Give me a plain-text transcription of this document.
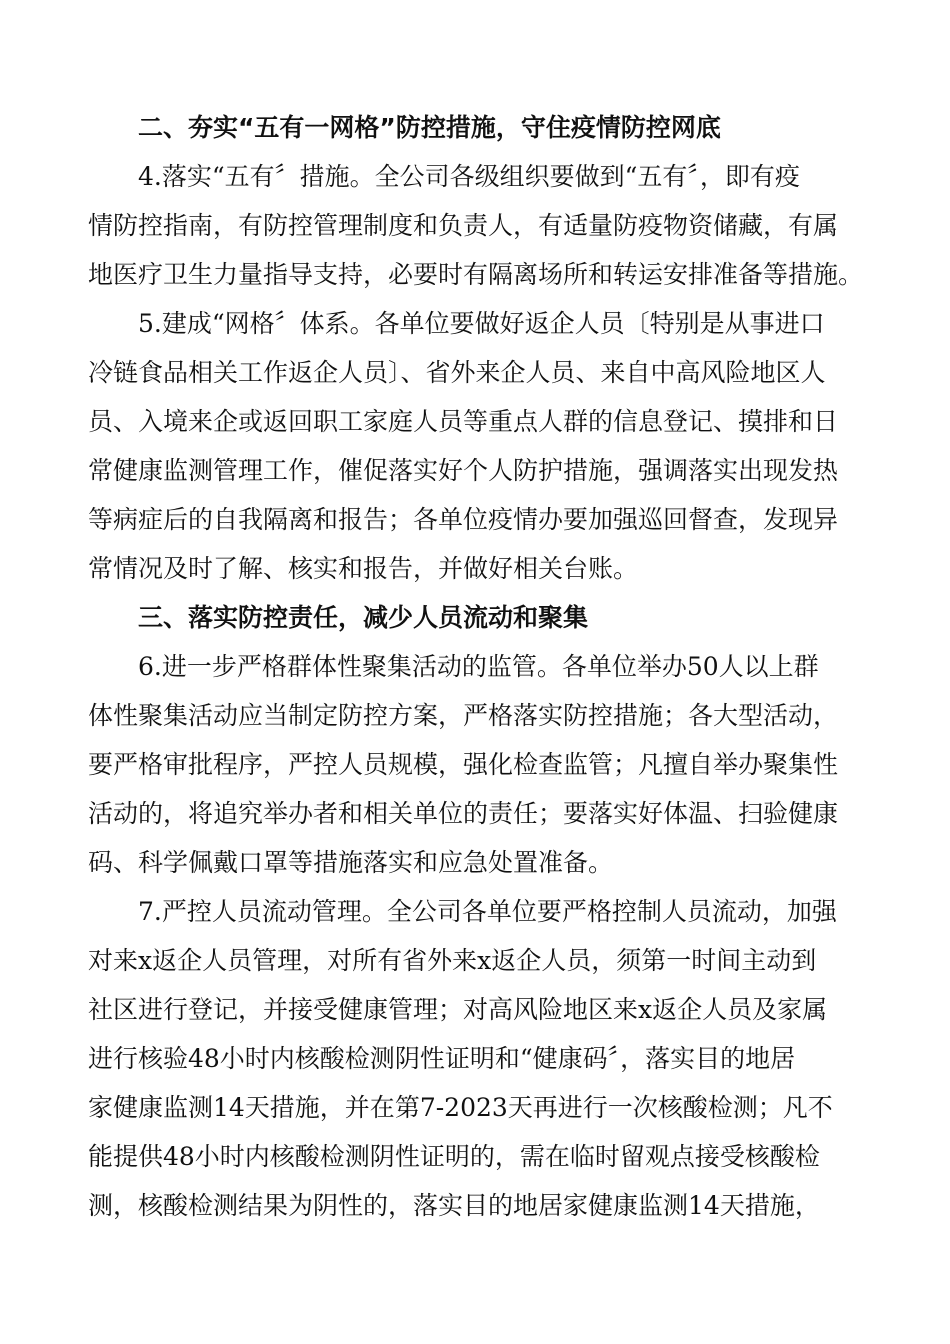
二、夯实“五有一网格”防控措施，守住疫情防控网底
4.落实“五有〞措施。全公司各级组织要做到“五有〞，即有疫
情防控指南，有防控管理制度和负责人，有适量防疫物资储藏，有属
地医疗卫生力量指导支持，必要时有隔离场所和转运安排准备等措施。
5.建成“网格〞体系。各单位要做好返企人员〔特别是从事进口
冷链食品相关工作返企人员〕、省外来企人员、来自中高风险地区人
员、入境来企或返回职工家庭人员等重点人群的信息登记、摸排和日
常健康监测管理工作，催促落实好个人防护措施，强调落实出现发热
等病症后的自我隔离和报告；各单位疫情办要加强巡回督查，发现异
常情况及时了解、核实和报告，并做好相关台账。
三、落实防控责任，减少人员流动和聚集
6.进一步严格群体性聚集活动的监管。各单位举办50人以上群
体性聚集活动应当制定防控方案，严格落实防控措施；各大型活动，
要严格审批程序，严控人员规模，强化检查监管；凡擅自举办聚集性
活动的，将追究举办者和相关单位的责任；要落实好体温、扫验健康
码、科学佩戴口罩等措施落实和应急处置准备。
7.严控人员流动管理。全公司各单位要严格控制人员流动，加强
对来x返企人员管理，对所有省外来x返企人员，须第一时间主动到
社区进行登记，并接受健康管理；对高风险地区来x返企人员及家属
进行核验48小时内核酸检测阴性证明和“健康码〞，落实目的地居
家健康监测14天措施，并在第7-2023天再进行一次核酸检测；凡不
能提供48小时内核酸检测阴性证明的，需在临时留观点接受核酸检
测，核酸检测结果为阴性的，落实目的地居家健康监测14天措施，
